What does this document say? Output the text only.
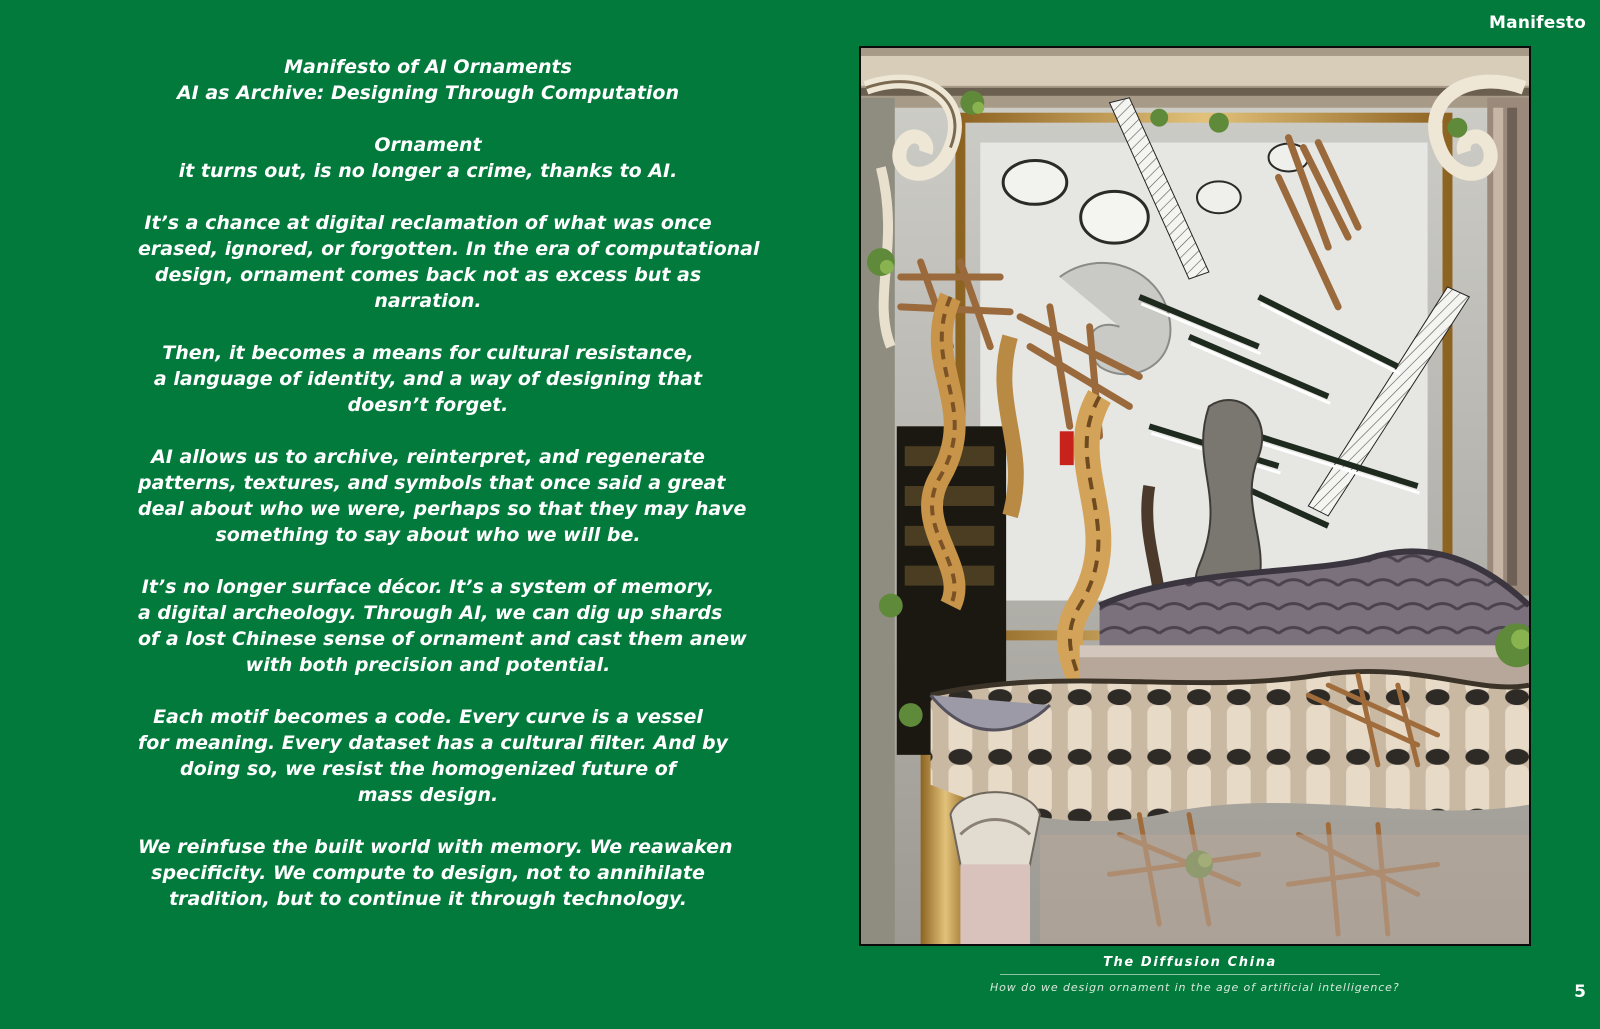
Manifesto

Manifesto of AI Ornaments
AI as Archive: Designing Through Computation

Ornament
it turns out, is no longer a crime, thanks to AI.

It’s a chance at digital reclamation of what was once
erased, ignored, or forgotten. In the era of computational
design, ornament comes back not as excess but as
narration.

Then, it becomes a means for cultural resistance,
a language of identity, and a way of designing that
doesn’t forget.

AI allows us to archive, reinterpret, and regenerate
patterns, textures, and symbols that once said a great
deal about who we were, perhaps so that they may have
something to say about who we will be.

It’s no longer surface décor. It’s a system of memory,
a digital archeology. Through AI, we can dig up shards
of a lost Chinese sense of ornament and cast them anew
with both precision and potential.

Each motif becomes a code. Every curve is a vessel
for meaning. Every dataset has a cultural filter. And by
doing so, we resist the homogenized future of
mass design.

We reinfuse the built world with memory. We reawaken
specificity. We compute to design, not to annihilate
tradition, but to continue it through technology.

The Diffusion China
How do we design ornament in the age of artificial intelligence?	5
